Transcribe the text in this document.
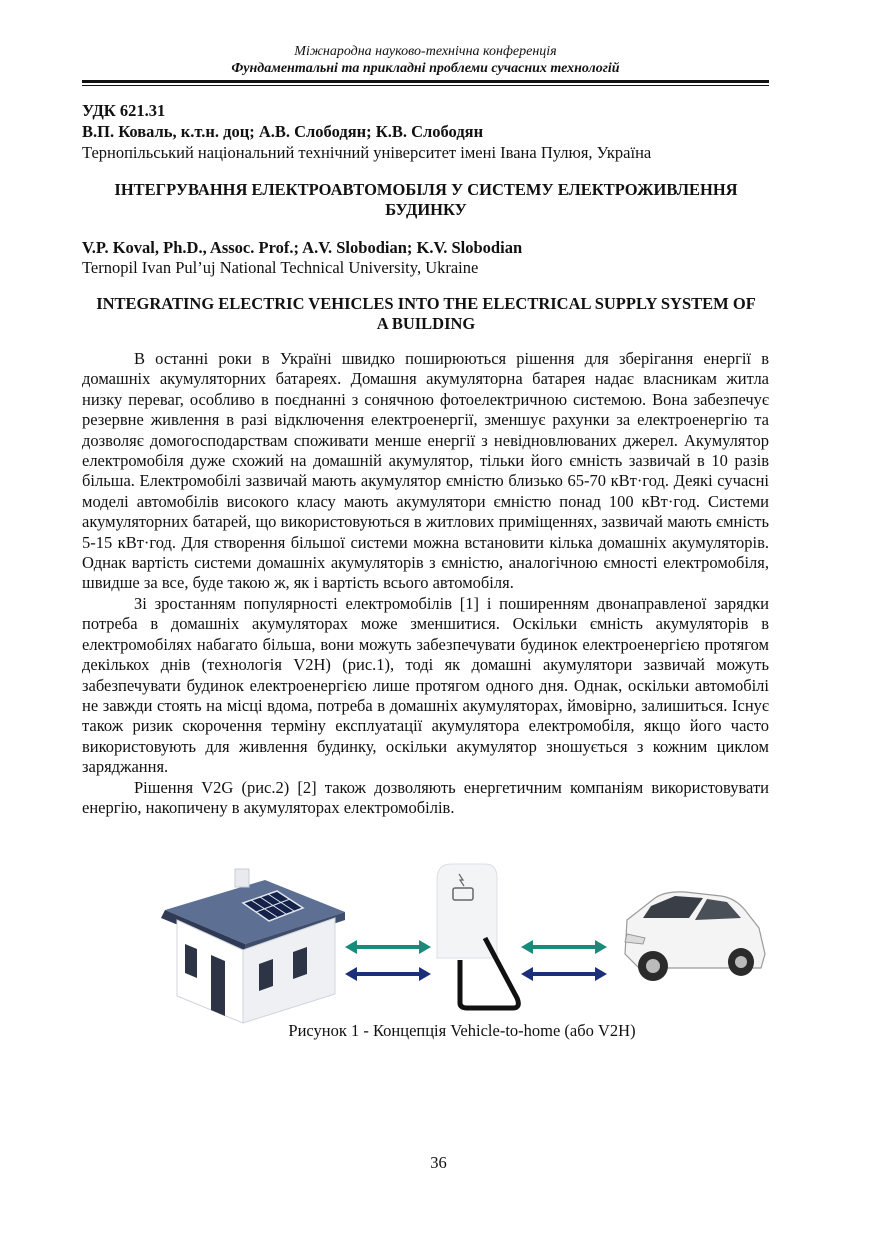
Міжнародна науково-технічна конференція
Фундаментальні та прикладні проблеми сучасних технологій
УДК 621.31
В.П. Коваль, к.т.н. доц; А.В. Слободян; К.В. Слободян
Тернопільський національний технічний університет імені Івана Пулюя, Україна
ІНТЕГРУВАННЯ ЕЛЕКТРОАВТОМОБІЛЯ У СИСТЕМУ ЕЛЕКТРОЖИВЛЕННЯ БУДИНКУ
V.P. Koval, Ph.D., Assoc. Prof.; A.V. Slobodian; K.V. Slobodian
Ternopil Ivan Pul’uj National Technical University, Ukraine
INTEGRATING ELECTRIC VEHICLES INTO THE ELECTRICAL SUPPLY SYSTEM OF A BUILDING

В останні роки в Україні швидко поширюються рішення для зберігання енергії в домашніх акумуляторних батареях. Домашня акумуляторна батарея надає власникам житла низку переваг, особливо в поєднанні з сонячною фотоелектричною системою. Вона забезпечує резервне живлення в разі відключення електроенергії, зменшує рахунки за електроенергію та дозволяє домогосподарствам споживати менше енергії з невідновлюваних джерел. Акумулятор електромобіля дуже схожий на домашній акумулятор, тільки його ємність зазвичай в 10 разів більша. Електромобілі зазвичай мають акумулятор ємністю близько 65-70 кВт·год. Деякі сучасні моделі автомобілів високого класу мають акумулятори ємністю понад 100 кВт·год. Системи акумуляторних батарей, що використовуються в житлових приміщеннях, зазвичай мають ємність 5-15 кВт·год. Для створення більшої системи можна встановити кілька домашніх акумуляторів. Однак вартість системи домашніх акумуляторів з ємністю, аналогічною ємності електромобіля, швидше за все, буде такою ж, як і вартість всього автомобіля.

Зі зростанням популярності електромобілів [1] і поширенням двонаправленої зарядки потреба в домашніх акумуляторах може зменшитися. Оскільки ємність акумуляторів в електромобілях набагато більша, вони можуть забезпечувати будинок електроенергією протягом декількох днів (технологія V2H) (рис.1), тоді як домашні акумулятори зазвичай можуть забезпечувати будинок електроенергією лише протягом одного дня. Однак, оскільки автомобілі не завжди стоять на місці вдома, потреба в домашніх акумуляторах, ймовірно, залишиться. Існує також ризик скорочення терміну експлуатації акумулятора електромобіля, якщо його часто використовують для живлення будинку, оскільки акумулятор зношується з кожним циклом заряджання.

Рішення V2G (рис.2) [2] також дозволяють енергетичним компаніям використовувати енергію, накопичену в акумуляторах електромобілів.

Рисунок 1 - Концепція Vehicle-to-home (або V2H)
36
